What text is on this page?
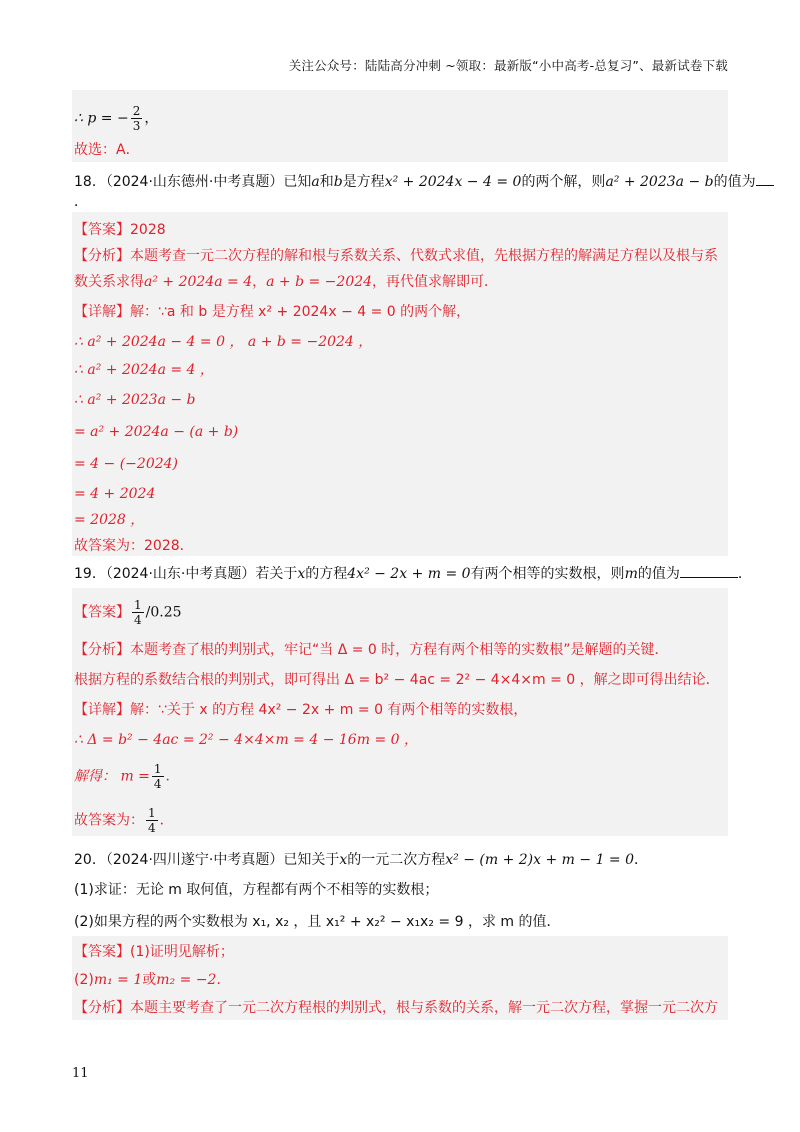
关注公众号：陆陆高分冲刺 ~领取：最新版“小中高考-总复习”、最新试卷下载
∴ p = − $\frac{2}{3}$ ，
故选：A．
18．（2024·山东德州·中考真题）已知a和b是方程x² + 2024x − 4 = 0的两个解，则a² + 2023a − b的值为
．
【答案】2028
【分析】本题考查一元二次方程的解和根与系数关系、代数式求值，先根据方程的解满足方程以及根与系
数关系求得a² + 2024a = 4，a + b = −2024，再代值求解即可．
【详解】解：∵a 和 b 是方程 x² + 2024x − 4 = 0 的两个解，
∴ a² + 2024a − 4 = 0 ， a + b = −2024 ，
∴ a² + 2024a = 4 ，
∴ a² + 2023a − b
= a² + 2024a − (a + b)
= 4 − (−2024)
= 4 + 2024
= 2028 ，
故答案为：2028．
19．（2024·山东·中考真题）若关于x的方程4x² − 2x + m = 0有两个相等的实数根，则m的值为	．
【答案】 $\frac{1}{4} /0.25$
【分析】本题考查了根的判别式，牢记“当 Δ = 0 时，方程有两个相等的实数根”是解题的关键．
根据方程的系数结合根的判别式，即可得出 Δ = b² − 4ac = 2² − 4×4×m = 0 ，解之即可得出结论．
【详解】解：∵关于 x 的方程 4x² − 2x + m = 0 有两个相等的实数根，
∴ Δ = b² − 4ac = 2² − 4×4×m = 4 − 16m = 0 ，
解得： $m = \frac{1}{4}$ ．
故答案为： $\frac{1}{4}$ ．
20．（2024·四川遂宁·中考真题）已知关于x的一元二次方程x² − (m + 2)x + m − 1 = 0．
(1)求证：无论 m 取何值，方程都有两个不相等的实数根；
(2)如果方程的两个实数根为 x₁, x₂ ，且 x₁² + x₂² − x₁x₂ = 9 ，求 m 的值．
【答案】(1)证明见解析；
(2)m₁ = 1或m₂ = −2．
【分析】本题主要考查了一元二次方程根的判别式，根与系数的关系，解一元二次方程，掌握一元二次方
11
